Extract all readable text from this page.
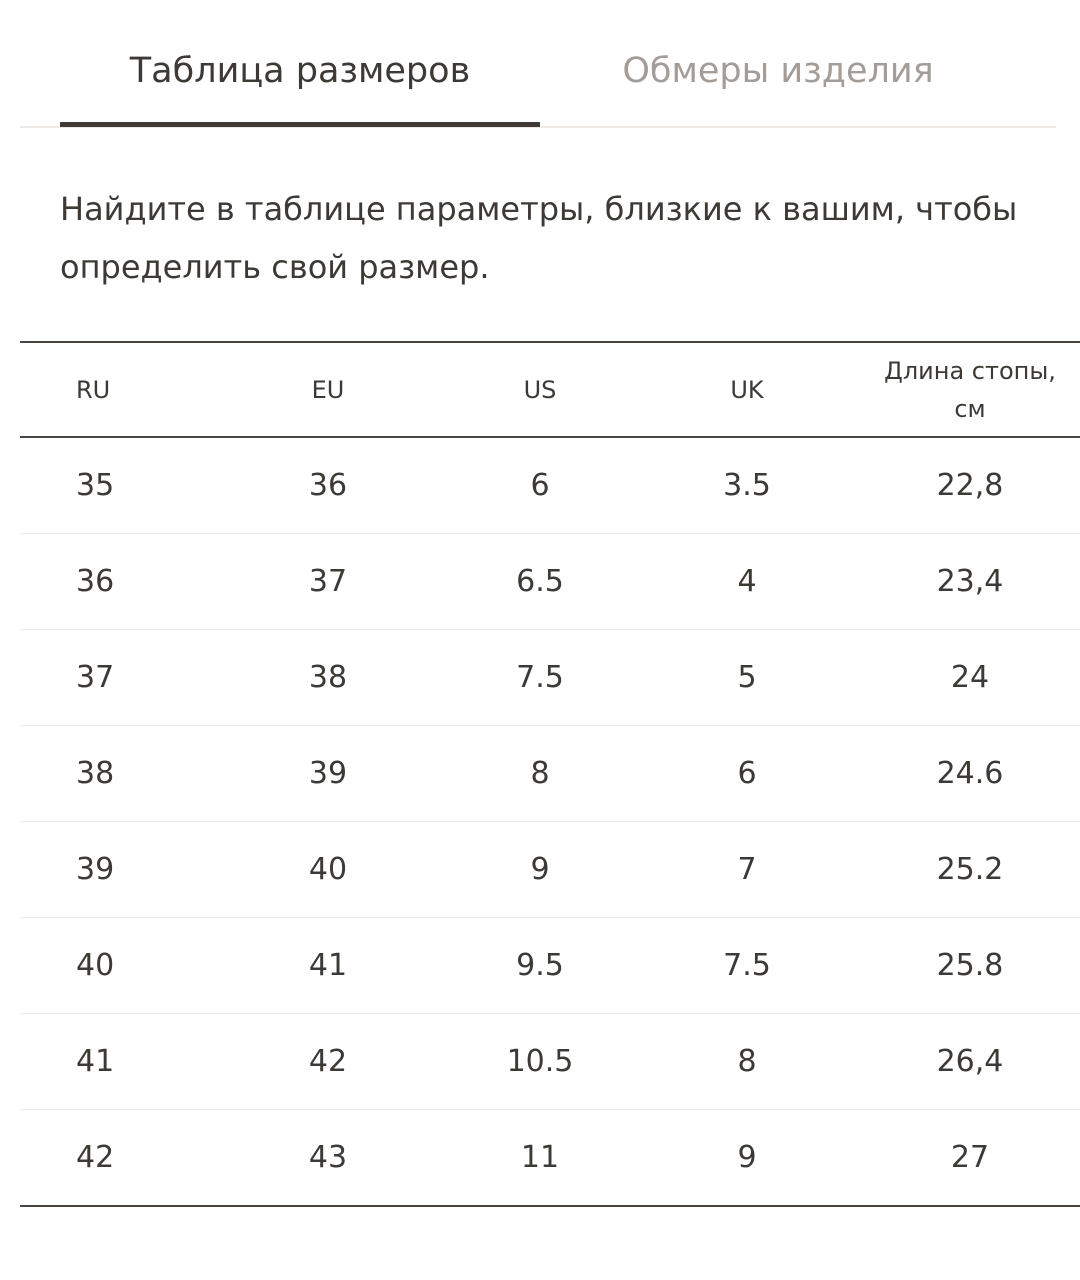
Таблица размеров	Обмеры изделия

Найдите в таблице параметры, близкие к вашим, чтобы определить свой размер.

RU	EU	US	UK	Длина стопы, см
35	36	6	3.5	22,8
36	37	6.5	4	23,4
37	38	7.5	5	24
38	39	8	6	24.6
39	40	9	7	25.2
40	41	9.5	7.5	25.8
41	42	10.5	8	26,4
42	43	11	9	27
